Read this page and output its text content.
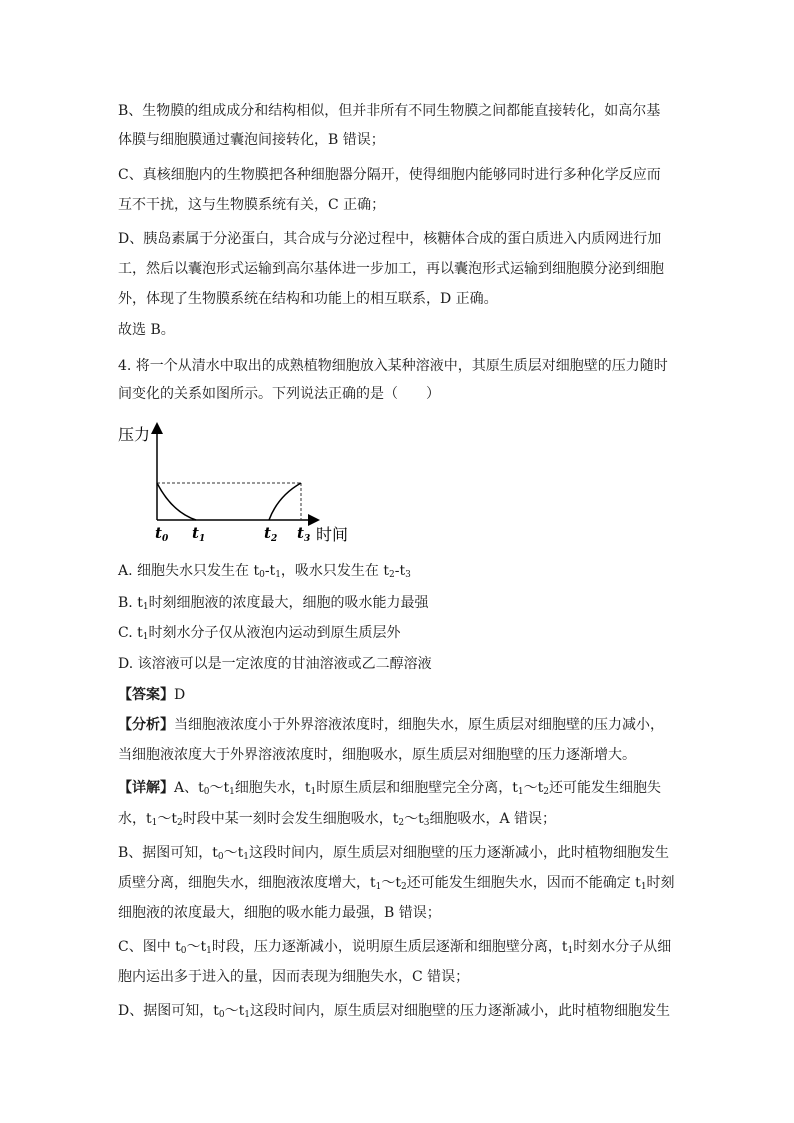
B、生物膜的组成成分和结构相似，但并非所有不同生物膜之间都能直接转化，如高尔基
体膜与细胞膜通过囊泡间接转化，B 错误；
C、真核细胞内的生物膜把各种细胞器分隔开，使得细胞内能够同时进行多种化学反应而
互不干扰，这与生物膜系统有关，C 正确；
D、胰岛素属于分泌蛋白，其合成与分泌过程中，核糖体合成的蛋白质进入内质网进行加
工，然后以囊泡形式运输到高尔基体进一步加工，再以囊泡形式运输到细胞膜分泌到细胞
外，体现了生物膜系统在结构和功能上的相互联系，D 正确。
故选 B。
4. 将一个从清水中取出的成熟植物细胞放入某种溶液中，其原生质层对细胞壁的压力随时
间变化的关系如图所示。下列说法正确的是（　　）
压力
时间
$t_0$ $t_1$	$t_2$ $t_3$
A. 细胞失水只发生在 $t_0-t_1$，吸水只发生在 $t_2-t_3$
B. $t_1$时刻细胞液的浓度最大，细胞的吸水能力最强
C. $t_1$时刻水分子仅从液泡内运动到原生质层外
D. 该溶液可以是一定浓度的甘油溶液或乙二醇溶液
【答案】D
【分析】当细胞液浓度小于外界溶液浓度时，细胞失水，原生质层对细胞壁的压力减小，
当细胞液浓度大于外界溶液浓度时，细胞吸水，原生质层对细胞壁的压力逐渐增大。
【详解】A、$t_0\sim t_1$细胞失水，$t_1$时原生质层和细胞壁完全分离，$t_1\sim t_2$还可能发生细胞失
水，$t_1\sim t_2$时段中某一刻时会发生细胞吸水，$t_2\sim t_3$细胞吸水，A 错误；
B、据图可知，$t_0\sim t_1$这段时间内，原生质层对细胞壁的压力逐渐减小，此时植物细胞发生
质壁分离，细胞失水，细胞液浓度增大，$t_1\sim t_2$还可能发生细胞失水，因而不能确定 $t_1$时刻
细胞液的浓度最大，细胞的吸水能力最强，B 错误；
C、图中 $t_0\sim t_1$时段，压力逐渐减小，说明原生质层逐渐和细胞壁分离，$t_1$时刻水分子从细
胞内运出多于进入的量，因而表现为细胞失水，C 错误；
D、据图可知，$t_0\sim t_1$这段时间内，原生质层对细胞壁的压力逐渐减小，此时植物细胞发生
